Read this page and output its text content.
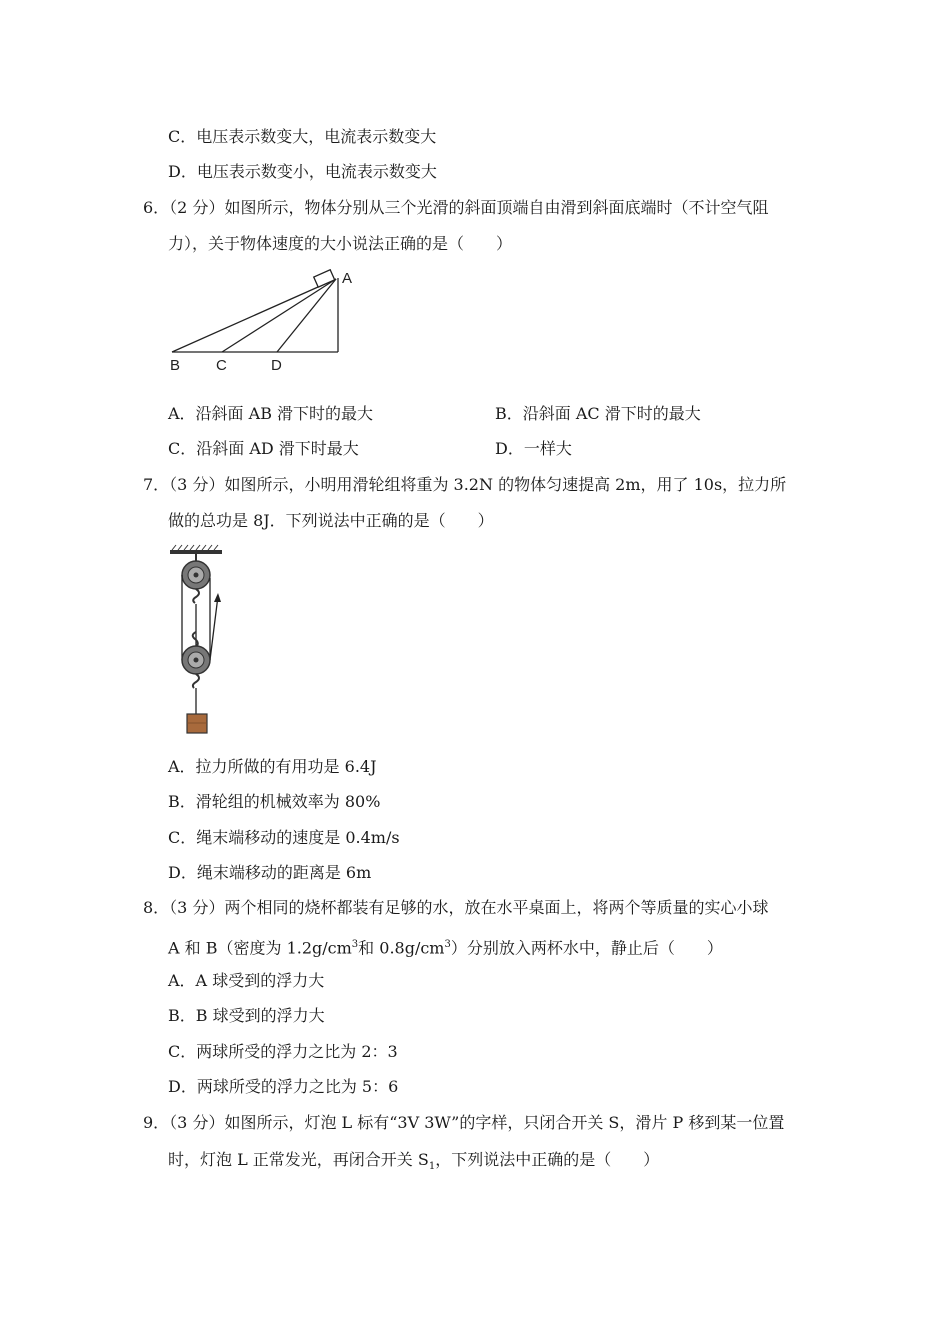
C．电压表示数变大，电流表示数变大
D．电压表示数变小，电流表示数变大
6．（2 分）如图所示，物体分别从三个光滑的斜面顶端自由滑到斜面底端时（不计空气阻
力），关于物体速度的大小说法正确的是（　　）
A
B C	D
A．沿斜面 AB 滑下时的最大	B．沿斜面 AC 滑下时的最大
C．沿斜面 AD 滑下时最大	D．一样大
7．（3 分）如图所示，小明用滑轮组将重为 3.2N 的物体匀速提高 2m，用了 10s，拉力所
做的总功是 8J．下列说法中正确的是（　　）
A．拉力所做的有用功是 6.4J
B．滑轮组的机械效率为 80%
C．绳末端移动的速度是 0.4m/s
D．绳末端移动的距离是 6m
8．（3 分）两个相同的烧杯都装有足够的水，放在水平桌面上，将两个等质量的实心小球
A 和 B（密度为 $1.2g/cm^3$和 $0.8g/cm^3$）分别放入两杯水中，静止后（　　）
A．A 球受到的浮力大
B．B 球受到的浮力大
C．两球所受的浮力之比为 2：3
D．两球所受的浮力之比为 5：6
9．（3 分）如图所示，灯泡 L 标有“3V 3W”的字样，只闭合开关 S，滑片 P 移到某一位置
时，灯泡 L 正常发光，再闭合开关 $S_1$，下列说法中正确的是（　　）
